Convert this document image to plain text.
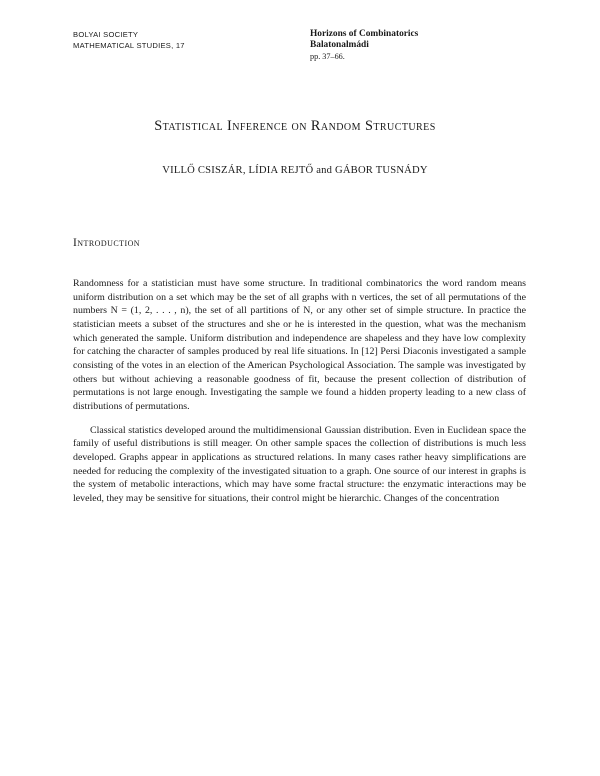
BOLYAI SOCIETY
MATHEMATICAL STUDIES, 17
Horizons of Combinatorics
Balatonalmádi
pp. 37–66.
Statistical Inference on Random Structures
VILLŐ CSISZÁR, LÍDIA REJTŐ and GÁBOR TUSNÁDY
Introduction

Randomness for a statistician must have some structure. In traditional combinatorics the word random means uniform distribution on a set which may be the set of all graphs with n vertices, the set of all permutations of the numbers N = (1, 2, . . . , n), the set of all partitions of N, or any other set of simple structure. In practice the statistician meets a subset of the structures and she or he is interested in the question, what was the mechanism which generated the sample. Uniform distribution and independence are shapeless and they have low complexity for catching the character of samples produced by real life situations. In [12] Persi Diaconis investigated a sample consisting of the votes in an election of the American Psychological Association. The sample was investigated by others but without achieving a reasonable goodness of fit, because the present collection of distribution of permutations is not large enough. Investigating the sample we found a hidden property leading to a new class of distributions of permutations.

Classical statistics developed around the multidimensional Gaussian distribution. Even in Euclidean space the family of useful distributions is still meager. On other sample spaces the collection of distributions is much less developed. Graphs appear in applications as structured relations. In many cases rather heavy simplifications are needed for reducing the complexity of the investigated situation to a graph. One source of our interest in graphs is the system of metabolic interactions, which may have some fractal structure: the enzymatic interactions may be leveled, they may be sensitive for situations, their control might be hierarchic. Changes of the concentration
